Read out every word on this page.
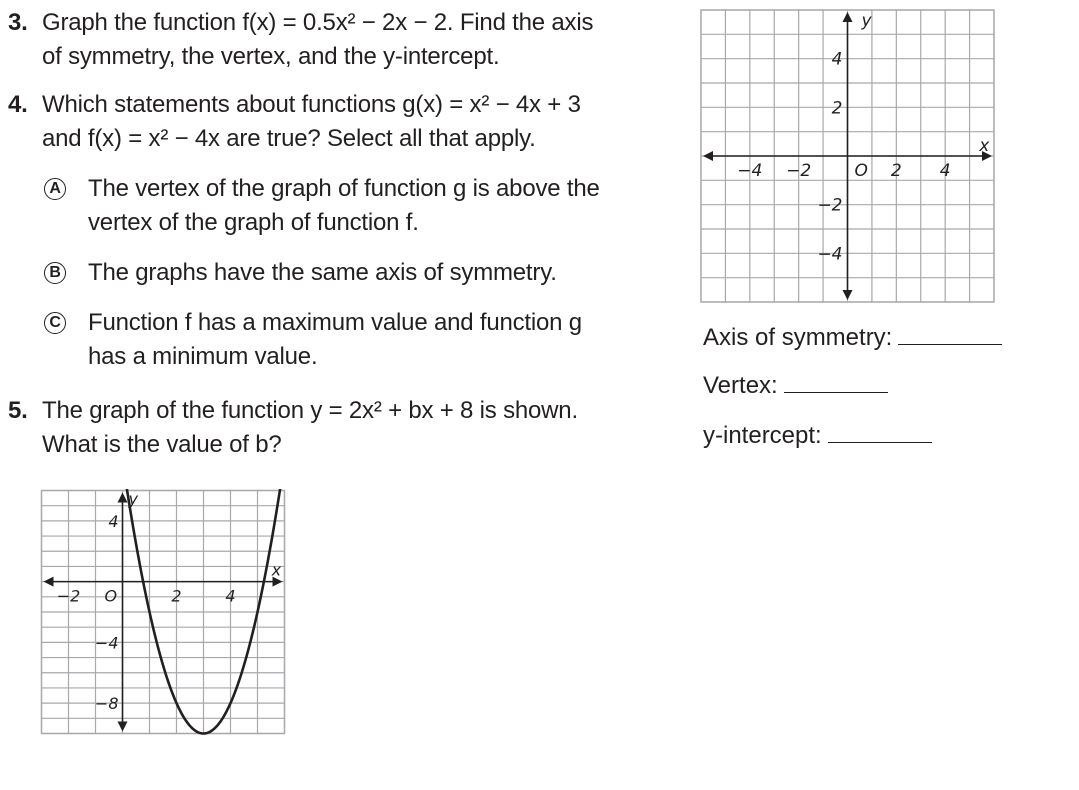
3. Graph the function f(x) = 0.5x² − 2x − 2. Find the axis
of symmetry, the vertex, and the y-intercept.
4. Which statements about functions g(x) = x² − 4x + 3
and f(x) = x² − 4x are true? Select all that apply.
A The vertex of the graph of function g is above the
vertex of the graph of function f.
B The graphs have the same axis of symmetry.
C Function f has a maximum value and function g
has a minimum value.
5. The graph of the function y = 2x² + bx + 8 is shown.
What is the value of b?
Axis of symmetry:
Vertex:
y-intercept:
−4 −2	2 4
4
2
−2
−4
O
x
y
−2	2	4
4
−4
−8
O
x
y
